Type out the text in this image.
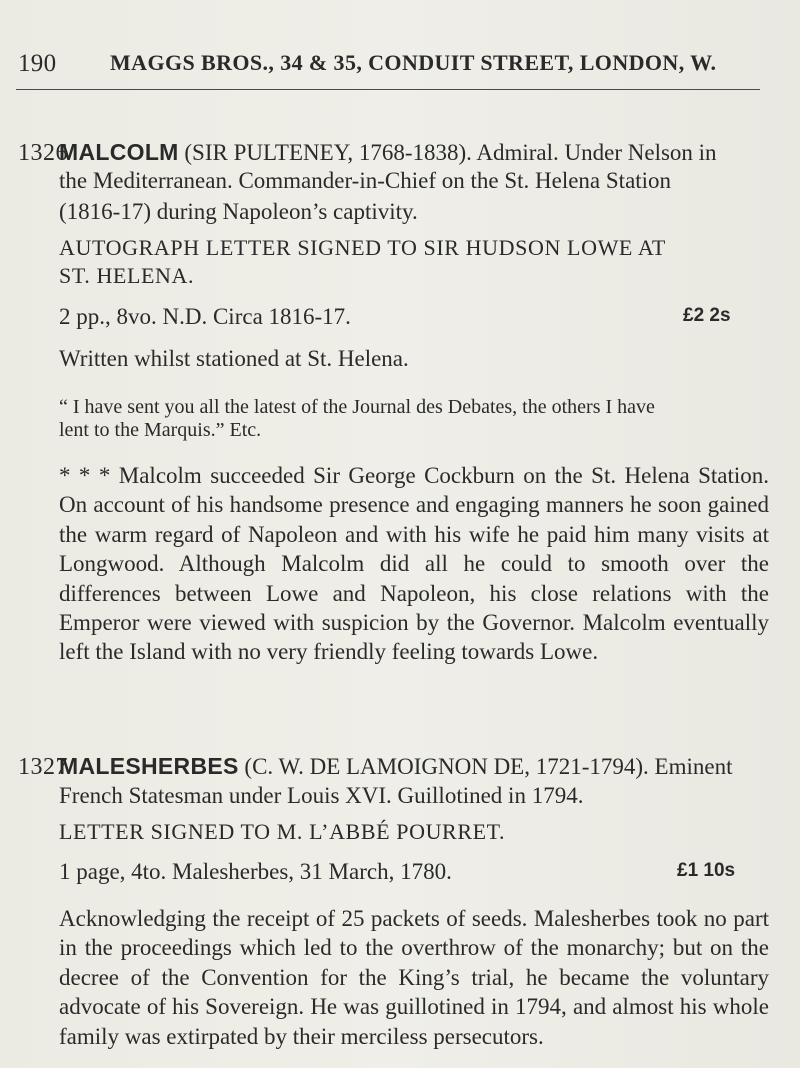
190 MAGGS BROS., 34 & 35, CONDUIT STREET, LONDON, W.
1326
MALCOLM (SIR PULTENEY, 1768-1838). Admiral. Under Nelson in
the Mediterranean. Commander-in-Chief on the St. Helena Station
(1816-17) during Napoleon’s captivity.
AUTOGRAPH LETTER SIGNED TO SIR HUDSON LOWE AT
ST. HELENA.
2 pp., 8vo. N.D. Circa 1816-17.	£2 2s
Written whilst stationed at St. Helena.
“ I have sent you all the latest of the Journal des Debates, the others I have
lent to the Marquis.” Etc.
* * * Malcolm succeeded Sir George Cockburn on the St. Helena Station. On account of his handsome presence and engaging manners he soon gained the warm regard of Napoleon and with his wife he paid him many visits at Longwood. Although Malcolm did all he could to smooth over the differences between Lowe and Napoleon, his close relations with the Emperor were viewed with suspicion by the Governor. Malcolm eventually left the Island with no very friendly feeling towards Lowe.
1327
MALESHERBES (C. W. DE LAMOIGNON DE, 1721-1794). Eminent
French Statesman under Louis XVI. Guillotined in 1794.
LETTER SIGNED TO M. L’ABBÉ POURRET.
1 page, 4to. Malesherbes, 31 March, 1780.	£1 10s
Acknowledging the receipt of 25 packets of seeds. Malesherbes took no part in the proceedings which led to the overthrow of the monarchy; but on the decree of the Convention for the King’s trial, he became the voluntary advocate of his Sovereign. He was guillotined in 1794, and almost his whole family was extirpated by their merciless persecutors.
